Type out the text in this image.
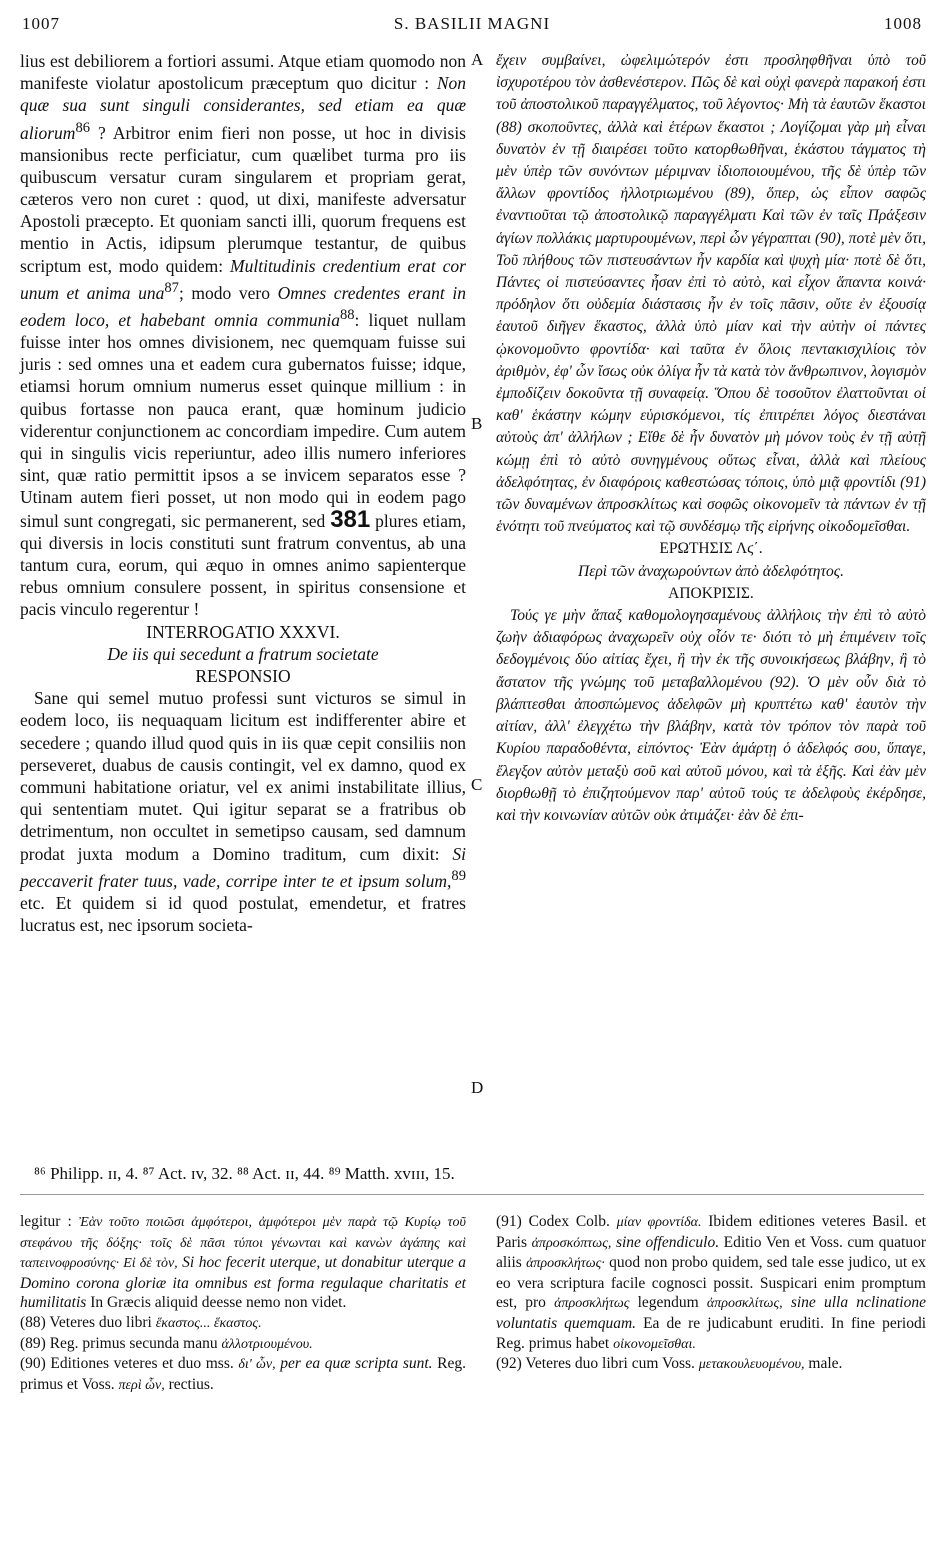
1007	S. BASILII MAGNI	1008
A
B
C
D

lius est debiliorem a fortiori assumi. Atque etiam quomodo non manifeste violatur apostolicum præceptum quo dicitur : Non quæ sua sunt singuli considerantes, sed etiam ea quæ aliorum$^{86}$ ? Arbitror enim fieri non posse, ut hoc in divisis mansionibus recte perficiatur, cum quælibet turma pro iis quibuscum versatur curam singularem et propriam gerat, cæteros vero non curet : quod, ut dixi, manifeste adversatur Apostoli præcepto. Et quoniam sancti illi, quorum frequens est mentio in Actis, idipsum plerumque testantur, de quibus scriptum est, modo quidem: Multitudinis credentium erat cor unum et anima una$^{87}$; modo vero Omnes credentes erant in eodem loco, et habebant omnia communia$^{88}$: liquet nullam fuisse inter hos omnes divisionem, nec quemquam fuisse sui juris : sed omnes una et eadem cura gubernatos fuisse; idque, etiamsi horum omnium numerus esset quinque millium : in quibus fortasse non pauca erant, quæ hominum judicio viderentur conjunctionem ac concordiam impedire. Cum autem qui in singulis vicis reperiuntur, adeo illis numero inferiores sint, quæ ratio permittit ipsos a se invicem separatos esse ? Utinam autem fieri posset, ut non modo qui in eodem pago simul sunt congregati, sic permanerent, sed 381 plures etiam, qui diversis in locis constituti sunt fratrum conventus, ab una tantum cura, eorum, qui æquo in omnes animo sapienterque rebus omnium consulere possent, in spiritus consensione et pacis vinculo regerentur !

INTERROGATIO XXXVI.

De iis qui secedunt a fratrum societate

RESPONSIO

Sane qui semel mutuo professi sunt victuros se simul in eodem loco, iis nequaquam licitum est indifferenter abire et secedere ; quando illud quod quis in iis quæ cepit consiliis non perseveret, duabus de causis contingit, vel ex damno, quod ex communi habitatione oriatur, vel ex animi instabilitate illius, qui sententiam mutet. Qui igitur separat se a fratribus ob detrimentum, non occultet in semetipso causam, sed damnum prodat juxta modum a Domino traditum, cum dixit: Si peccaverit frater tuus, vade, corripe inter te et ipsum solum,$^{89}$ etc. Et quidem si id quod postulat, emendetur, et fratres lucratus est, nec ipsorum societa-

ἔχειν συμβαίνει, ὠφελιμώτερόν ἐστι προσληφθῆναι ὑπὸ τοῦ ἰσχυροτέρου τὸν ἀσθενέστερον. Πῶς δὲ καὶ οὐχὶ φανερὰ παρακοή ἐστι τοῦ ἀποστολικοῦ παραγγέλματος, τοῦ λέγοντος· Μὴ τὰ ἑαυτῶν ἕκαστοι (88) σκοποῦντες, ἀλλὰ καὶ ἑτέρων ἕκαστοι ; Λογίζομαι γὰρ μὴ εἶναι δυνατὸν ἐν τῇ διαιρέσει τοῦτο κατορθωθῆναι, ἑκάστου τάγματος τὴ μὲν ὑπὲρ τῶν συνόντων μέριμναν ἰδιοποιουμένου, τῆς δὲ ὑπὲρ τῶν ἄλλων φροντίδος ἠλλοτριωμένου (89), ὅπερ, ὡς εἶπον σαφῶς ἐναντιοῦται τῷ ἀποστολικῷ παραγγέλματι Καὶ τῶν ἐν ταῖς Πράξεσιν ἁγίων πολλάκις μαρτυρουμένων, περὶ ὧν γέγραπται (90), ποτὲ μὲν ὅτι, Τοῦ πλήθους τῶν πιστευσάντων ἦν καρδία καὶ ψυχὴ μία· ποτὲ δὲ ὅτι, Πάντες οἱ πιστεύσαντες ἦσαν ἐπὶ τὸ αὐτὸ, καὶ εἶχον ἅπαντα κοινά· πρόδηλον ὅτι οὐδεμία διάστασις ἦν ἐν τοῖς πᾶσιν, οὔτε ἐν ἐξουσίᾳ ἑαυτοῦ διῆγεν ἕκαστος, ἀλλὰ ὑπὸ μίαν καὶ τὴν αὐτὴν οἱ πάντες ᾠκονομοῦντο φροντίδα· καὶ ταῦτα ἐν ὅλοις πεντακισχιλίοις τὸν ἀριθμὸν, ἐφ' ὧν ἴσως οὐκ ὀλίγα ἦν τὰ κατὰ τὸν ἄνθρωπινον, λογισμὸν ἐμποδίζειν δοκοῦντα τῇ συναφείᾳ. Ὅπου δὲ τοσοῦτον ἐλαττοῦνται οἱ καθ' ἑκάστην κώμην εὑρισκόμενοι, τίς ἐπιτρέπει λόγος διεστάναι αὐτοὺς ἀπ' ἀλλήλων ; Εἴθε δὲ ἦν δυνατὸν μὴ μόνον τοὺς ἐν τῇ αὐτῇ κώμῃ ἐπὶ τὸ αὐτὸ συνηγμένους οὕτως εἶναι, ἀλλὰ καὶ πλείους ἀδελφότητας, ἐν διαφόροις καθεστώσας τόποις, ὑπὸ μιᾷ φροντίδι (91) τῶν δυναμένων ἀπροσκλίτως καὶ σοφῶς οἰκονομεῖν τὰ πάντων ἐν τῇ ἑνότητι τοῦ πνεύματος καὶ τῷ συνδέσμῳ τῆς εἰρήνης οἰκοδομεῖσθαι.

ΕΡΩΤΗΣΙΣ Λϛ΄.

Περὶ τῶν ἀναχωρούντων ἀπὸ ἀδελφότητος.

ΑΠΟΚΡΙΣΙΣ.

Τούς γε μὴν ἅπαξ καθομολογησαμένους ἀλλήλοις τὴν ἐπὶ τὸ αὐτὸ ζωὴν ἀδιαφόρως ἀναχωρεῖν οὐχ οἷόν τε· διότι τὸ μὴ ἐπιμένειν τοῖς δεδογμένοις δύο αἰτίας ἔχει, ἢ τὴν ἐκ τῆς συνοικήσεως βλάβην, ἢ τὸ ἄστατον τῆς γνώμης τοῦ μεταβαλλομένου (92). Ὁ μὲν οὖν διὰ τὸ βλάπτεσθαι ἀποσπώμενος ἀδελφῶν μὴ κρυπτέτω καθ' ἑαυτὸν τὴν αἰτίαν, ἀλλ' ἐλεγχέτω τὴν βλάβην, κατὰ τὸν τρόπον τὸν παρὰ τοῦ Κυρίου παραδοθέντα, εἰπόντος· Ἐὰν ἁμάρτῃ ὁ ἀδελφός σου, ὕπαγε, ἔλεγξον αὐτὸν μεταξὺ σοῦ καὶ αὐτοῦ μόνου, καὶ τὰ ἑξῆς. Καὶ ἐὰν μὲν διορθωθῇ τὸ ἐπιζητούμενον παρ' αὐτοῦ τούς τε ἀδελφοὺς ἐκέρδησε, καὶ τὴν κοινωνίαν αὐτῶν οὐκ ἀτιμάζει· ἐὰν δὲ ἐπι-

⁸⁶ Philipp. ɪɪ, 4. ⁸⁷ Act. ɪv, 32. ⁸⁸ Act. ɪɪ, 44. ⁸⁹ Matth. xvɪɪɪ, 15.

legitur : Ἐὰν τοῦτο ποιῶσι ἀμφότεροι, ἀμφότεροι μὲν παρὰ τῷ Κυρίῳ τοῦ στεφάνου τῆς δόξης· τοῖς δὲ πᾶσι τύποι γένωνται καὶ κανὼν ἀγάπης καὶ ταπεινοφροσύνης· Εἰ δὲ τὸν, Si hoc fecerit uterque, ut donabitur uterque a Domino corona gloriæ ita omnibus est forma regulaque charitatis et humilitatis In Græcis aliquid deesse nemo non videt.

(88) Veteres duo libri ἕκαστος... ἕκαστος.

(89) Reg. primus secunda manu ἀλλοτριουμένου.

(90) Editiones veteres et duo mss. δι' ὧν, per ea quæ scripta sunt. Reg. primus et Voss. περὶ ὧν, rectius.

(91) Codex Colb. μίαν φροντίδα. Ibidem editiones veteres Basil. et Paris ἀπροσκόπτως, sine offendiculo. Editio Ven et Voss. cum quatuor aliis ἀπροσκλήτως· quod non probo quidem, sed tale esse judico, ut ex eo vera scriptura facile cognosci possit. Suspicari enim promptum est, pro ἀπροσκλήτως legendum ἀπροσκλίτως, sine ulla nclinatione voluntatis quemquam. Ea de re judicabunt eruditi. In fine periodi Reg. primus habet οἰκονομεῖσθαι.

(92) Veteres duo libri cum Voss. μετακουλευομένου, male.
